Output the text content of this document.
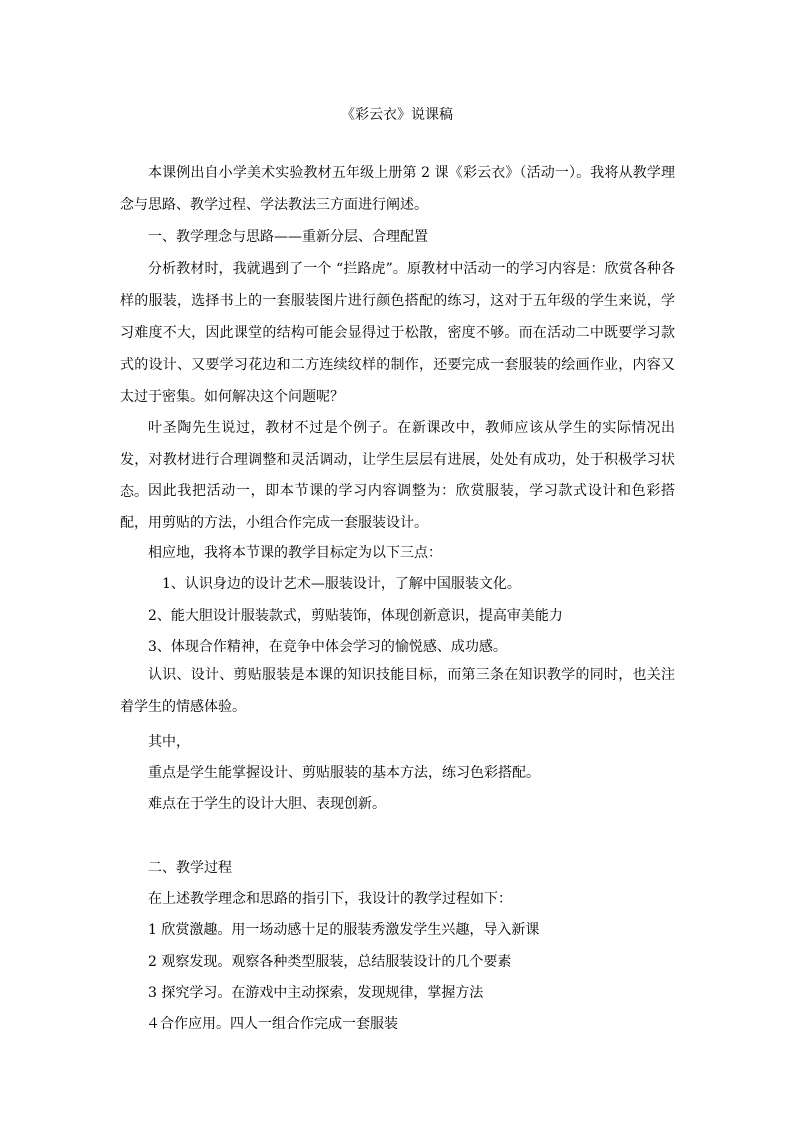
《彩云衣》说课稿

本课例出自小学美术实验教材五年级上册第 2 课《彩云衣》（活动一）。我将从教学理念与思路、教学过程、学法教法三方面进行阐述。

一、教学理念与思路——重新分层、合理配置

分析教材时，我就遇到了一个 “拦路虎”。原教材中活动一的学习内容是：欣赏各种各样的服装，选择书上的一套服装图片进行颜色搭配的练习，这对于五年级的学生来说，学习难度不大，因此课堂的结构可能会显得过于松散，密度不够。而在活动二中既要学习款式的设计、又要学习花边和二方连续纹样的制作，还要完成一套服装的绘画作业，内容又太过于密集。如何解决这个问题呢？

叶圣陶先生说过，教材不过是个例子。在新课改中，教师应该从学生的实际情况出发，对教材进行合理调整和灵活调动，让学生层层有进展，处处有成功，处于积极学习状态。 因此我把活动一，即本节课的学习内容调整为：欣赏服装，学习款式设计和色彩搭配，用剪贴的方法，小组合作完成一套服装设计。

相应地，我将本节课的教学目标定为以下三点：
1、认识身边的设计艺术—服装设计，了解中国服装文化。
2、能大胆设计服装款式，剪贴装饰，体现创新意识，提高审美能力
3、体现合作精神，在竞争中体会学习的愉悦感、成功感。

认识、设计、剪贴服装是本课的知识技能目标，而第三条在知识教学的同时，也关注着学生的情感体验。

其中，
重点是学生能掌握设计、剪贴服装的基本方法，练习色彩搭配。
难点在于学生的设计大胆、表现创新。
二、教学过程
在上述教学理念和思路的指引下，我设计的教学过程如下：
1 欣赏激趣。用一场动感十足的服装秀激发学生兴趣，导入新课
2 观察发现。观察各种类型服装，总结服装设计的几个要素
3 探究学习。在游戏中主动探索，发现规律，掌握方法
４合作应用。四人一组合作完成一套服装
